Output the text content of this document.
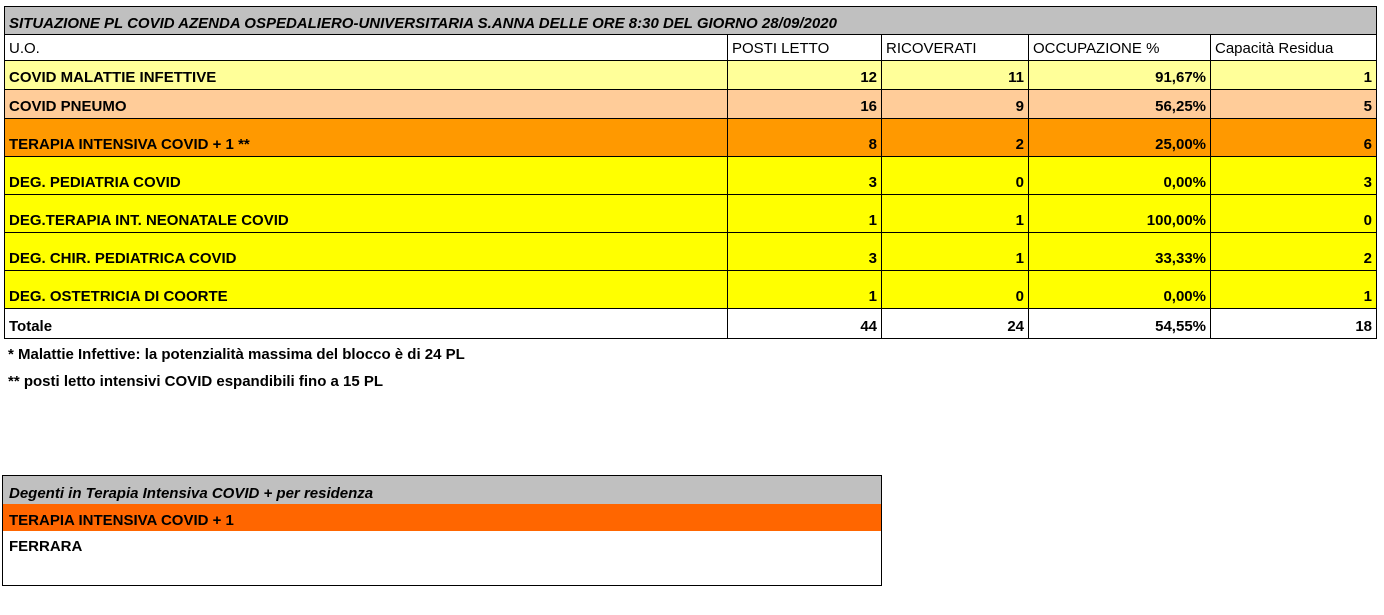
SITUAZIONE PL COVID AZENDA OSPEDALIERO-UNIVERSITARIA S.ANNA DELLE ORE 8:30 DEL GIORNO 28/09/2020
U.O.	POSTI LETTO	RICOVERATI	OCCUPAZIONE %	Capacità Residua
COVID MALATTIE INFETTIVE	12	11	91,67%	1
COVID PNEUMO	16	9	56,25%	5
TERAPIA INTENSIVA COVID + 1 **	8	2	25,00%	6
DEG. PEDIATRIA COVID	3	0	0,00%	3
DEG.TERAPIA INT. NEONATALE COVID	1	1	100,00%	0
DEG. CHIR. PEDIATRICA COVID	3	1	33,33%	2
DEG. OSTETRICIA DI COORTE	1	0	0,00%	1
Totale	44	24	54,55%	18
* Malattie Infettive: la potenzialità massima del blocco è di 24 PL
** posti letto intensivi COVID espandibili fino a 15 PL
Degenti in Terapia Intensiva COVID + per residenza
TERAPIA INTENSIVA COVID + 1
FERRARA
